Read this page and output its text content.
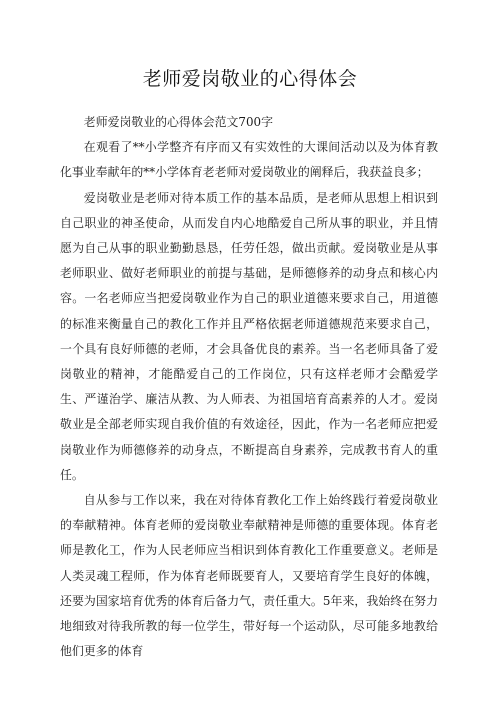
老师爱岗敬业的心得体会

老师爱岗敬业的心得体会范文700字

在观看了**小学整齐有序而又有实效性的大课间活动以及为体育教化事业奉献年的**小学体育老老师对爱岗敬业的阐释后，我获益良多；

爱岗敬业是老师对待本质工作的基本品质，是老师从思想上相识到自己职业的神圣使命，从而发自内心地酷爱自己所从事的职业，并且情愿为自己从事的职业勤勤恳恳，任劳任怨，做出贡献。爱岗敬业是从事老师职业、做好老师职业的前提与基础，是师德修养的动身点和核心内容。一名老师应当把爱岗敬业作为自己的职业道德来要求自己，用道德的标准来衡量自己的教化工作并且严格依据老师道德规范来要求自己，一个具有良好师德的老师，才会具备优良的素养。当一名老师具备了爱岗敬业的精神，才能酷爱自己的工作岗位，只有这样老师才会酷爱学生、严谨治学、廉洁从教、为人师表、为祖国培育高素养的人才。爱岗敬业是全部老师实现自我价值的有效途径，因此，作为一名老师应把爱岗敬业作为师德修养的动身点，不断提高自身素养，完成教书育人的重任。

自从参与工作以来，我在对待体育教化工作上始终践行着爱岗敬业的奉献精神。体育老师的爱岗敬业奉献精神是师德的重要体现。体育老师是教化工，作为人民老师应当相识到体育教化工作重要意义。老师是人类灵魂工程师，作为体育老师既要育人，又要培育学生良好的体魄，还要为国家培育优秀的体育后备力气，责任重大。5年来，我始终在努力地细致对待我所教的每一位学生，带好每一个运动队，尽可能多地教给他们更多的体育
